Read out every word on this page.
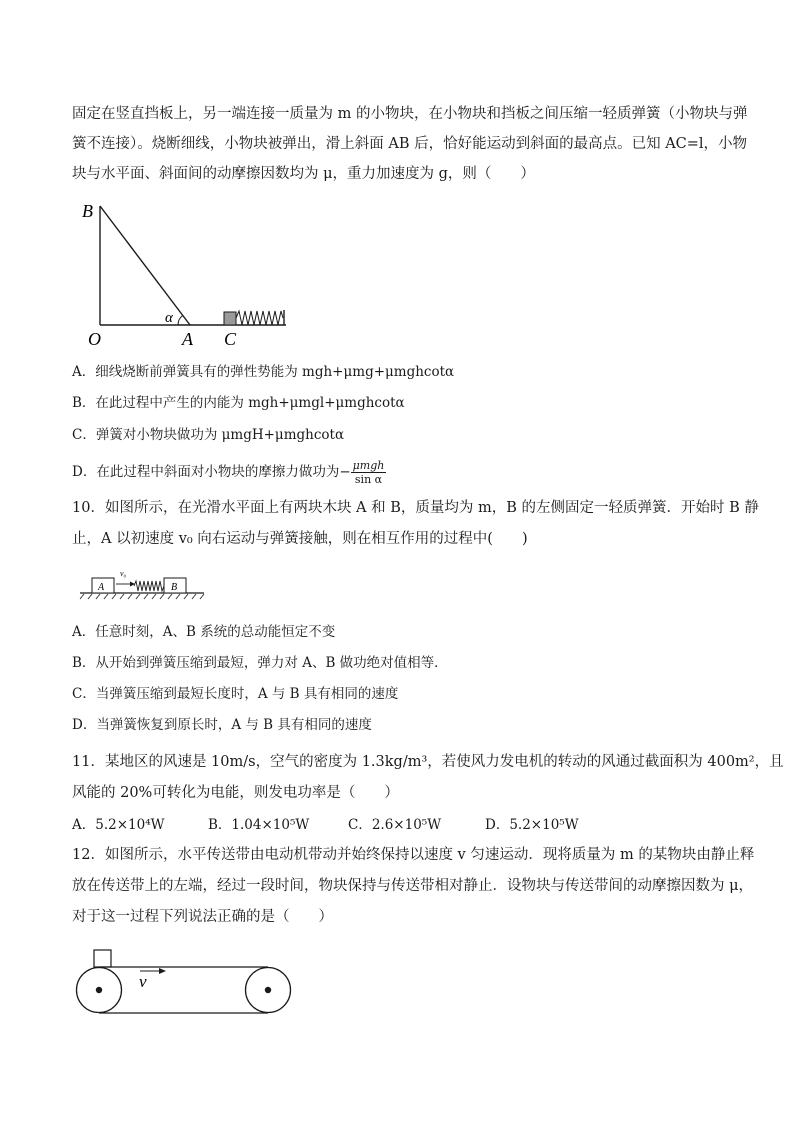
固定在竖直挡板上，另一端连接一质量为 m 的小物块，在小物块和挡板之间压缩一轻质弹簧（小物块与弹
簧不连接）。烧断细线，小物块被弹出，滑上斜面 AB 后，恰好能运动到斜面的最高点。已知 AC=l，小物
块与水平面、斜面间的动摩擦因数均为 μ，重力加速度为 g，则（　　）
B
O	A C
α
A．细线烧断前弹簧具有的弹性势能为 mgh+μmg+μmghcotα
B．在此过程中产生的内能为 mgh+μmgl+μmghcotα
C．弹簧对小物块做功为 μmgH+μmghcotα
D．在此过程中斜面对小物块的摩擦力做功为− $\frac{\text{μmgh}}{\text{sin α}}$
10．如图所示，在光滑水平面上有两块木块 A 和 B，质量均为 m，B 的左侧固定一轻质弹簧．开始时 B 静
止，A 以初速度 v₀ 向右运动与弹簧接触，则在相互作用的过程中(　　)
A	B
v₀
A．任意时刻，A、B 系统的总动能恒定不变
B．从开始到弹簧压缩到最短，弹力对 A、B 做功绝对值相等．
C．当弹簧压缩到最短长度时，A 与 B 具有相同的速度
D．当弹簧恢复到原长时，A 与 B 具有相同的速度
11．某地区的风速是 10m/s，空气的密度为 1.3kg/m³，若使风力发电机的转动的风通过截面积为 400m²，且
风能的 20%可转化为电能，则发电功率是（　　）
A．5.2×10⁴W	B．1.04×10⁵W	C．2.6×10⁵W	D．5.2×10⁵W
12．如图所示，水平传送带由电动机带动并始终保持以速度 v 匀速运动．现将质量为 m 的某物块由静止释
放在传送带上的左端，经过一段时间，物块保持与传送带相对静止．设物块与传送带间的动摩擦因数为 μ，
对于这一过程下列说法正确的是（　　）
v
